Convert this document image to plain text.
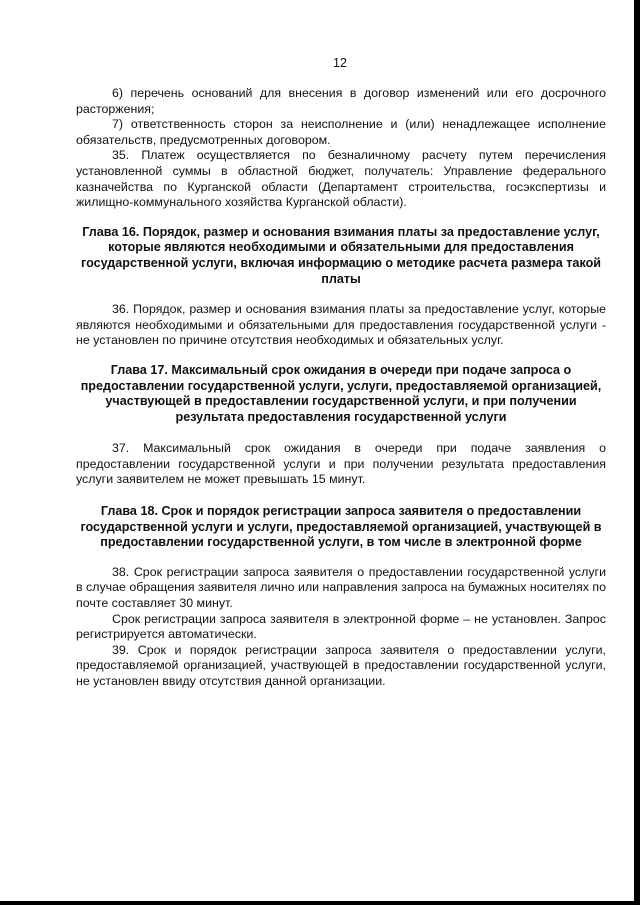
12

6) перечень оснований для внесения в договор изменений или его досрочного расторжения;

7) ответственность сторон за неисполнение и (или) ненадлежащее исполнение обязательств, предусмотренных договором.

35. Платеж осуществляется по безналичному расчету путем перечисления установленной суммы в областной бюджет, получатель: Управление федерального казначейства по Курганской области (Департамент строительства, госэкспертизы и жилищно-коммунального хозяйства Курганской области).

Глава 16. Порядок, размер и основания взимания платы за предоставление услуг, которые являются необходимыми и обязательными для предоставления государственной услуги, включая информацию о методике расчета размера такой платы

36. Порядок, размер и основания взимания платы за предоставление услуг, которые являются необходимыми и обязательными для предоставления государственной услуги - не установлен по причине отсутствия необходимых и обязательных услуг.

Глава 17. Максимальный срок ожидания в очереди при подаче запроса о предоставлении государственной услуги, услуги, предоставляемой организацией, участвующей в предоставлении государственной услуги, и при получении результата предоставления государственной услуги

37. Максимальный срок ожидания в очереди при подаче заявления о предоставлении государственной услуги и при получении результата предоставления услуги заявителем не может превышать 15 минут.

Глава 18. Срок и порядок регистрации запроса заявителя о предоставлении государственной услуги и услуги, предоставляемой организацией, участвующей в предоставлении государственной услуги, в том числе в электронной форме

38. Срок регистрации запроса заявителя о предоставлении государственной услуги в случае обращения заявителя лично или направления запроса на бумажных носителях по почте составляет 30 минут.

Срок регистрации запроса заявителя в электронной форме – не установлен. Запрос регистрируется автоматически.

39. Срок и порядок регистрации запроса заявителя о предоставлении услуги, предоставляемой организацией, участвующей в предоставлении государственной услуги, не установлен ввиду отсутствия данной организации.
